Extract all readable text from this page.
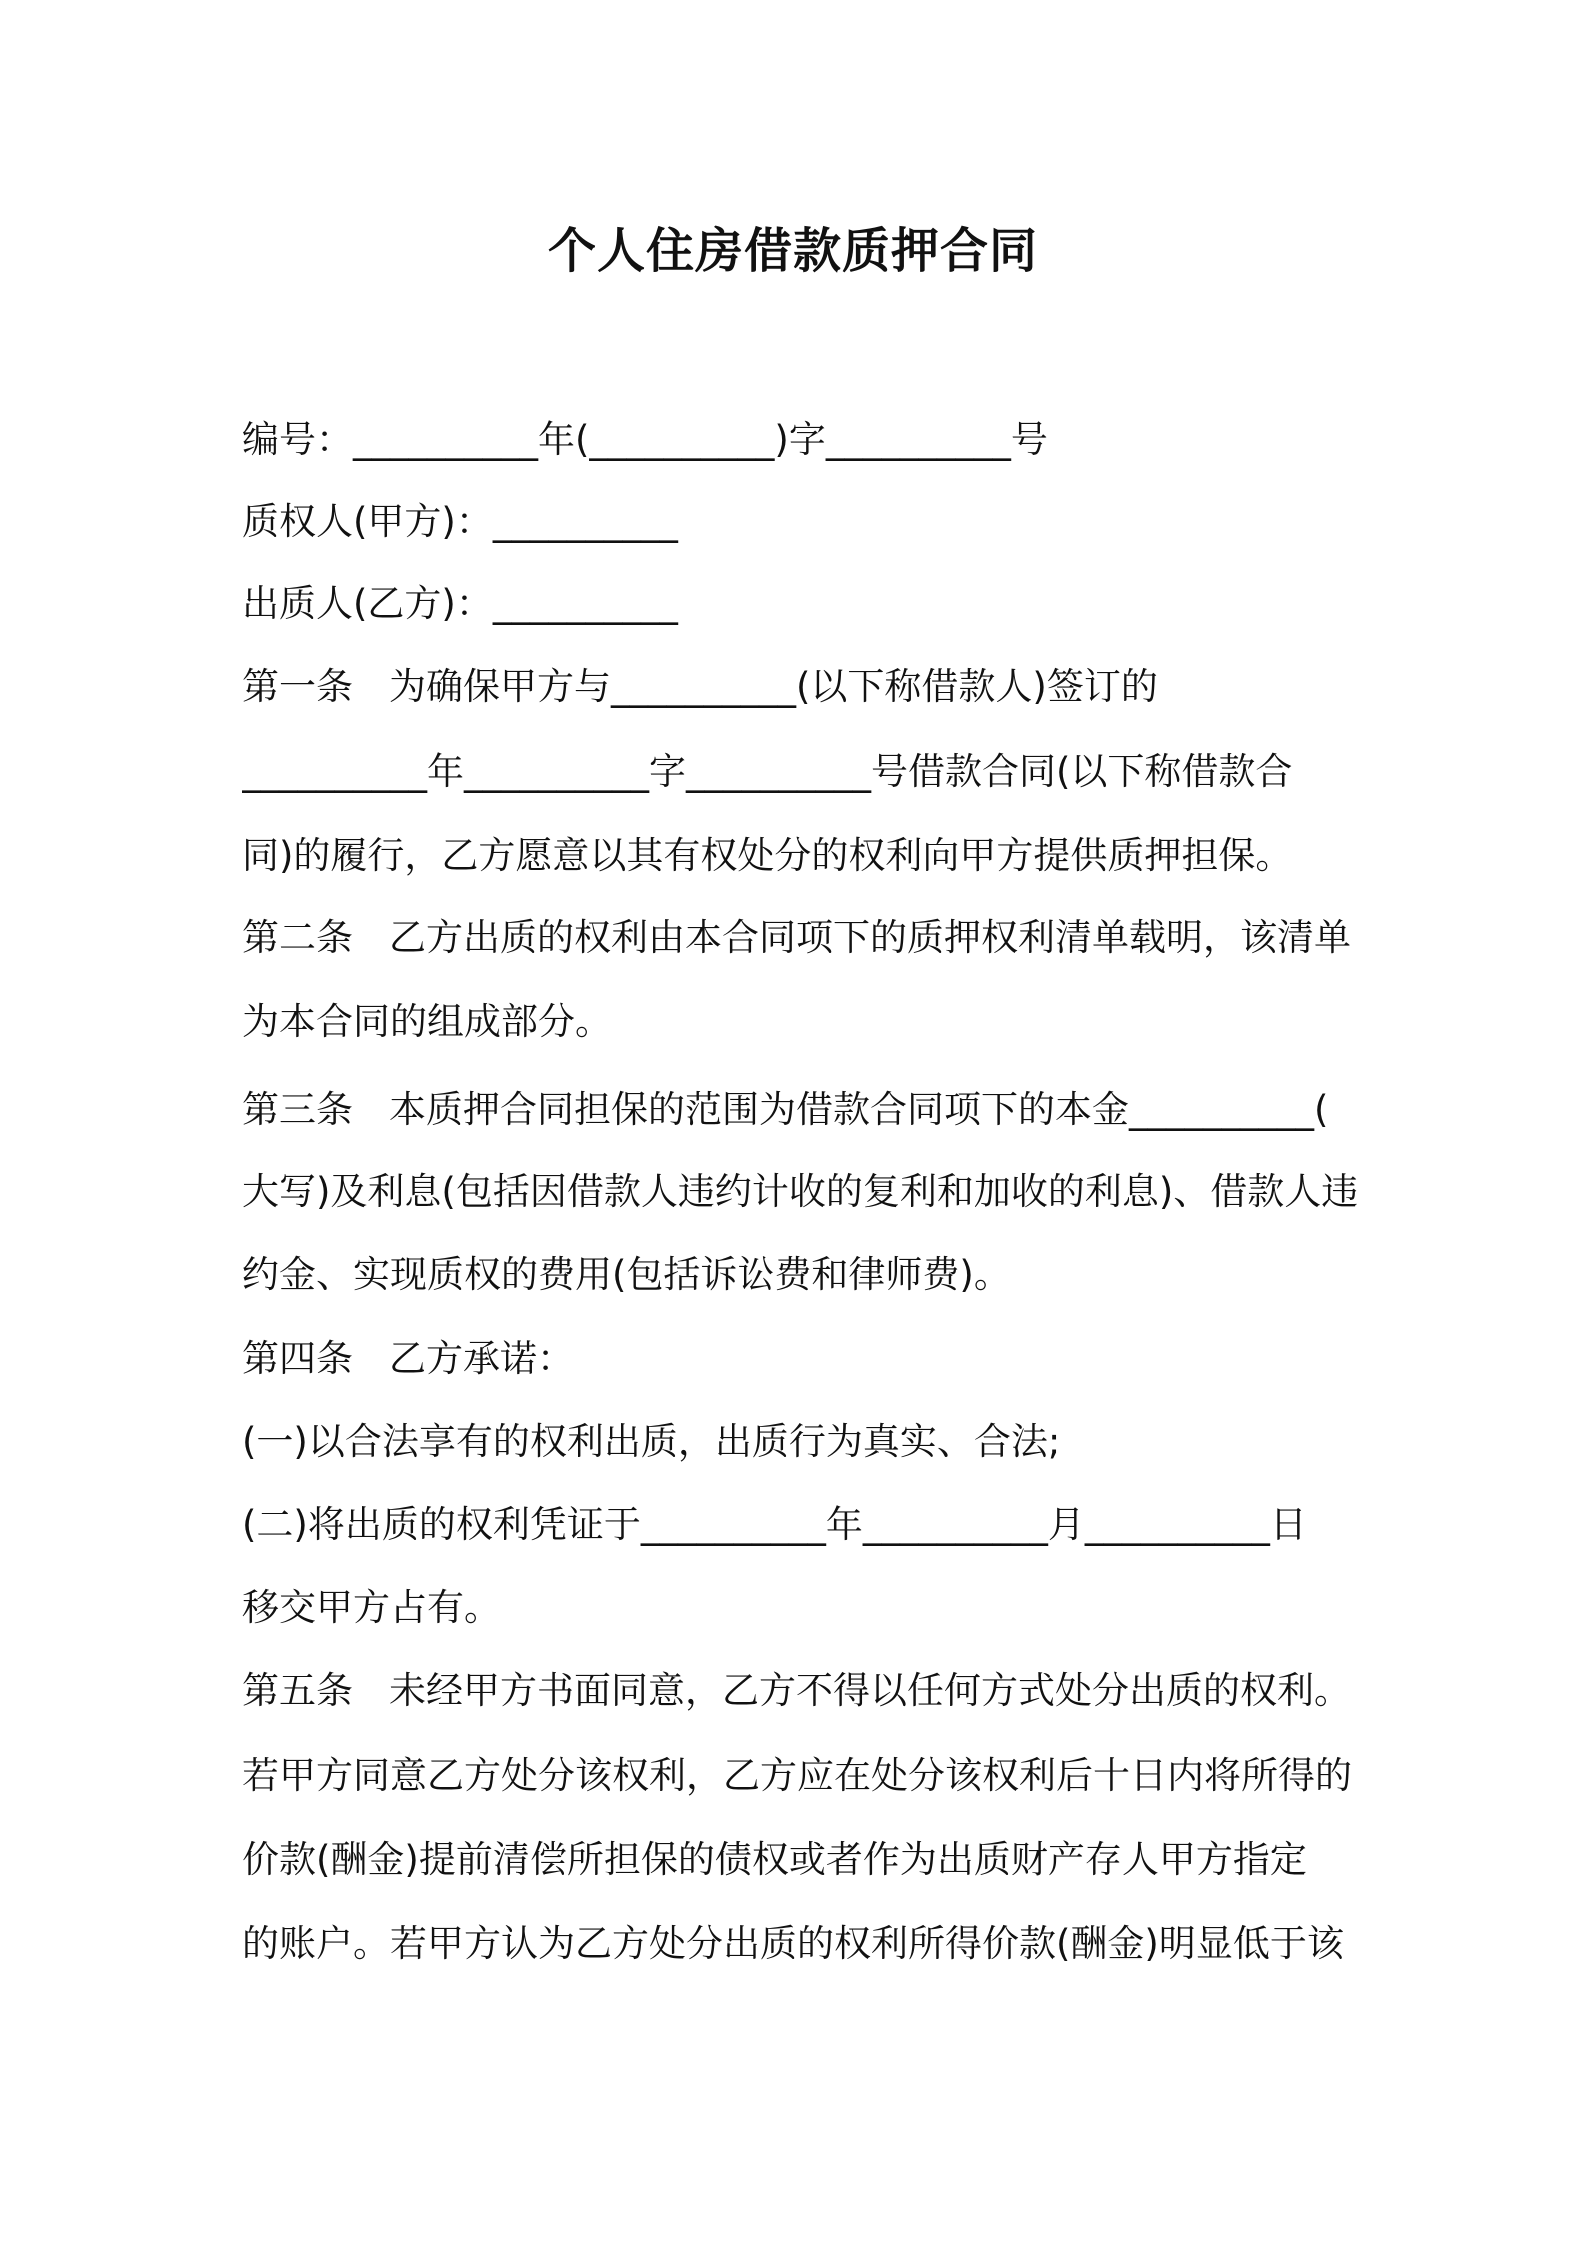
个人住房借款质押合同
编号：__________年(__________)字__________号
质权人(甲方)：__________
出质人(乙方)：__________
第一条 为确保甲方与__________(以下称借款人)签订的
__________年__________字__________号借款合同(以下称借款合
同)的履行，乙方愿意以其有权处分的权利向甲方提供质押担保。
第二条 乙方出质的权利由本合同项下的质押权利清单载明，该清单
为本合同的组成部分。
第三条 本质押合同担保的范围为借款合同项下的本金__________(
大写)及利息(包括因借款人违约计收的复利和加收的利息)、借款人违
约金、实现质权的费用(包括诉讼费和律师费)。
第四条 乙方承诺：
(一)以合法享有的权利出质，出质行为真实、合法;
(二)将出质的权利凭证于__________年__________月__________日
移交甲方占有。
第五条 未经甲方书面同意，乙方不得以任何方式处分出质的权利。
若甲方同意乙方处分该权利，乙方应在处分该权利后十日内将所得的
价款(酬金)提前清偿所担保的债权或者作为出质财产存人甲方指定
的账户。若甲方认为乙方处分出质的权利所得价款(酬金)明显低于该
